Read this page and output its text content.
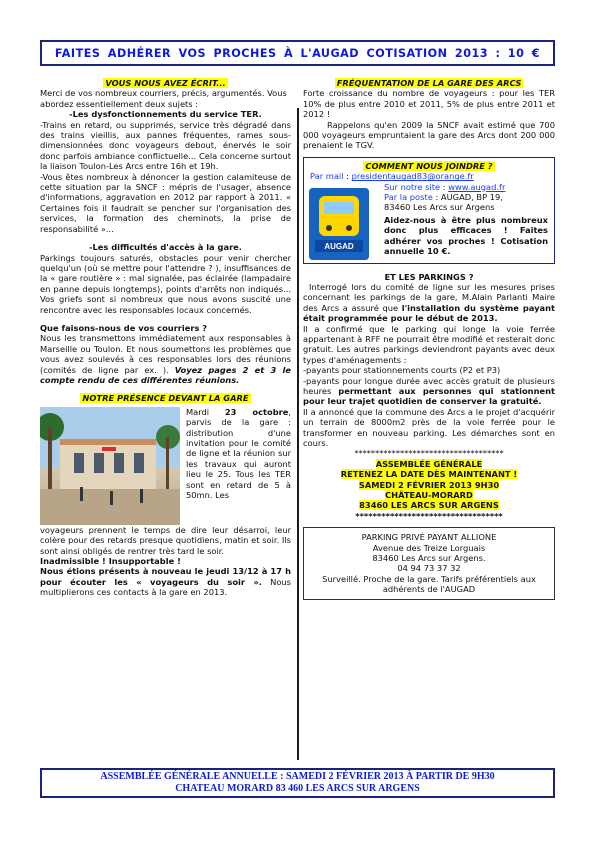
FAITES ADHÉRER VOS PROCHES À L'AUGAD COTISATION 2013 : 10 €
VOUS NOUS AVEZ ÉCRIT...
Merci de vos nombreux courriers, précis, argumentés. Vous abordez essentiellement deux sujets :
-Les dysfonctionnements du service TER.
-Trains en retard, ou supprimés, service très dégradé dans des trains vieillis, aux pannes fréquentes, rames sous-dimensionnées donc voyageurs debout, énervés le soir donc parfois ambiance conflictuelle... Cela concerne surtout la liaison Toulon-Les Arcs entre 16h et 19h.
-Vous êtes nombreux à dénoncer la gestion calamiteuse de cette situation par la SNCF : mépris de l'usager, absence d'informations, aggravation en 2012 par rapport à 2011. « Certaines fois il faudrait se pencher sur l'organisation des services, la formation des cheminots, la prise de responsabilité »...
-Les difficultés d'accès à la gare.
Parkings toujours saturés, obstacles pour venir chercher quelqu'un (où se mettre pour l'attendre ? ), insuffisances de la « gare routière » : mal signalée, pas éclairée (lampadaire en panne depuis longtemps), points d'arrêts non indiqués... Vos griefs sont si nombreux que nous avons suscité une rencontre avec les responsables locaux concernés.
Que faisons-nous de vos courriers ?
Nous les transmettons immédiatement aux responsables à Marseille ou Toulon. Et nous soumettons les problèmes que vous avez soulevés à ces responsables lors des réunions (comités de ligne par ex. ). Voyez pages 2 et 3 le compte rendu de ces différentes réunions.
NOTRE PRÉSENCE DEVANT LA GARE
Mardi 23 octobre, parvis de la gare : distribution d'une invitation pour le comité de ligne et la réunion sur les travaux qui auront lieu le 25. Tous les TER sont en retard de 5 à 50mn. Les
voyageurs prennent le temps de dire leur désarroi, leur colère pour des retards presque quotidiens, matin et soir. Ils sont ainsi obligés de rentrer très tard le soir.
Inadmissible ! Insupportable !
Nous étions présents à nouveau le jeudi 13/12 à 17 h pour écouter les « voyageurs du soir ». Nous multiplierons ces contacts à la gare en 2013.
FRÉQUENTATION DE LA GARE DES ARCS
Forte croissance du nombre de voyageurs : pour les TER 10% de plus entre 2010 et 2011, 5% de plus entre 2011 et 2012 !
Rappelons qu'en 2009 la SNCF avait estimé que 700 000 voyageurs empruntaient la gare des Arcs dont 200 000 prenaient le TGV.
COMMENT NOUS JOINDRE ?
Par mail : presidentaugad83@orange.fr
AUGAD
Sur notre site : www.augad.fr
Par la poste : AUGAD, BP 19,
83460 Les Arcs sur Argens
Aidez-nous à être plus nombreux donc plus efficaces ! Faites adhérer vos proches ! Cotisation annuelle 10 €.
ET LES PARKINGS ?
Interrogé lors du comité de ligne sur les mesures prises concernant les parkings de la gare, M.Alain Parlanti Maire des Arcs a assuré que l'installation du système payant était programmée pour le début de 2013.
Il a confirmé que le parking qui longe la voie ferrée appartenant à RFF ne pourrait être modifié et resterait donc gratuit. Les autres parkings deviendront payants avec deux types d'aménagements :
-payants pour stationnements courts (P2 et P3)
-payants pour longue durée avec accès gratuit de plusieurs heures permettant aux personnes qui stationnent pour leur trajet quotidien de conserver la gratuité.
Il a annoncé que la commune des Arcs a le projet d'acquérir un terrain de 8000m2 près de la voie ferrée pour le transformer en nouveau parking. Les démarches sont en cours.
************************************
ASSEMBLÉE GÉNÉRALE
RETENEZ LA DATE DÈS MAINTENANT !
SAMEDI 2 FÉVRIER 2013 9H30
CHÂTEAU-MORARD
83460 LES ARCS SUR ARGENS
**********************************
PARKING PRIVÉ PAYANT ALLIONE
Avenue des Treize Lorguais
83460 Les Arcs sur Argens.
04 94 73 37 32
Surveillé. Proche de la gare. Tarifs préférentiels aux adhérents de l'AUGAD
ASSEMBLÉE GÉNÉRALE ANNUELLE : SAMEDI 2 FÉVRIER 2013 À PARTIR DE 9H30
CHATEAU MORARD 83 460 LES ARCS SUR ARGENS
